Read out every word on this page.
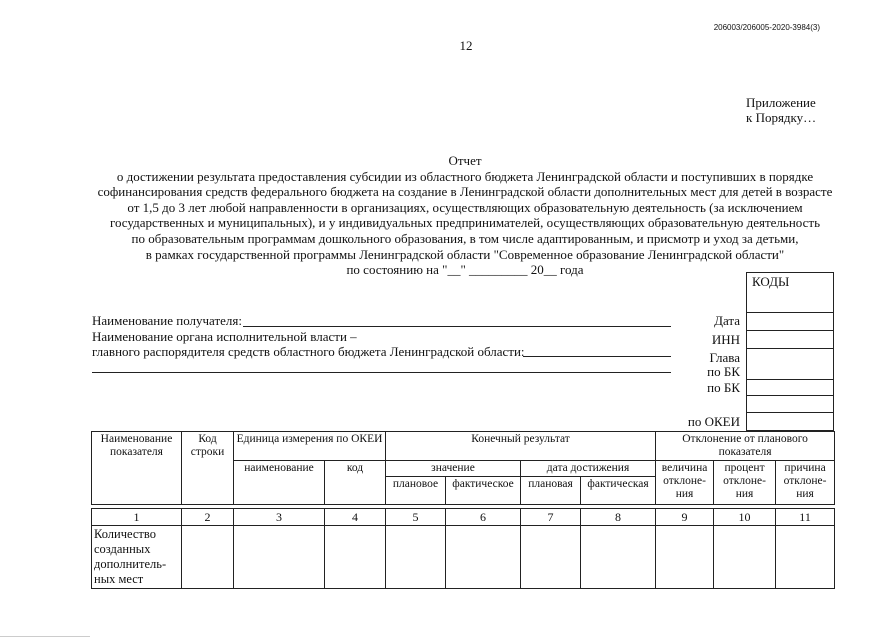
206003/206005-2020-3984(3)
12
Приложение
к Порядку…
Отчет
о достижении результата предоставления субсидии из областного бюджета Ленинградской области и поступивших в порядке
софинансирования средств федерального бюджета на создание в Ленинградской области дополнительных мест для детей в возрасте
от 1,5 до 3 лет любой направленности в организациях, осуществляющих образовательную деятельность (за исключением
государственных и муниципальных), и у индивидуальных предпринимателей, осуществляющих образовательную деятельность
по образовательным программам дошкольного образования, в том числе адаптированным, и присмотр и уход за детьми,
в рамках государственной программы Ленинградской области "Современное образование Ленинградской области"
по состоянию на "__" _________ 20__ года
Наименование получателя:
Наименование органа исполнительной власти –
главного распорядителя средств областного бюджета Ленинградской области:
КОДЫ
Дата
ИНН
Глава
по БК
по БК
по ОКЕИ
Наименование показателя	Код строки	Единица измерения по ОКЕИ		Конечный результат				Отклонение от планового показателя		
		наименование	код	значение		дата достижения		величина отклоне- ния	процент отклоне- ния	причина отклоне- ния
				плановое	фактическое	плановая	фактическая			

1	2	3	4	5	6	7	8	9	10	11
Количество созданных дополнитель- ных мест										
